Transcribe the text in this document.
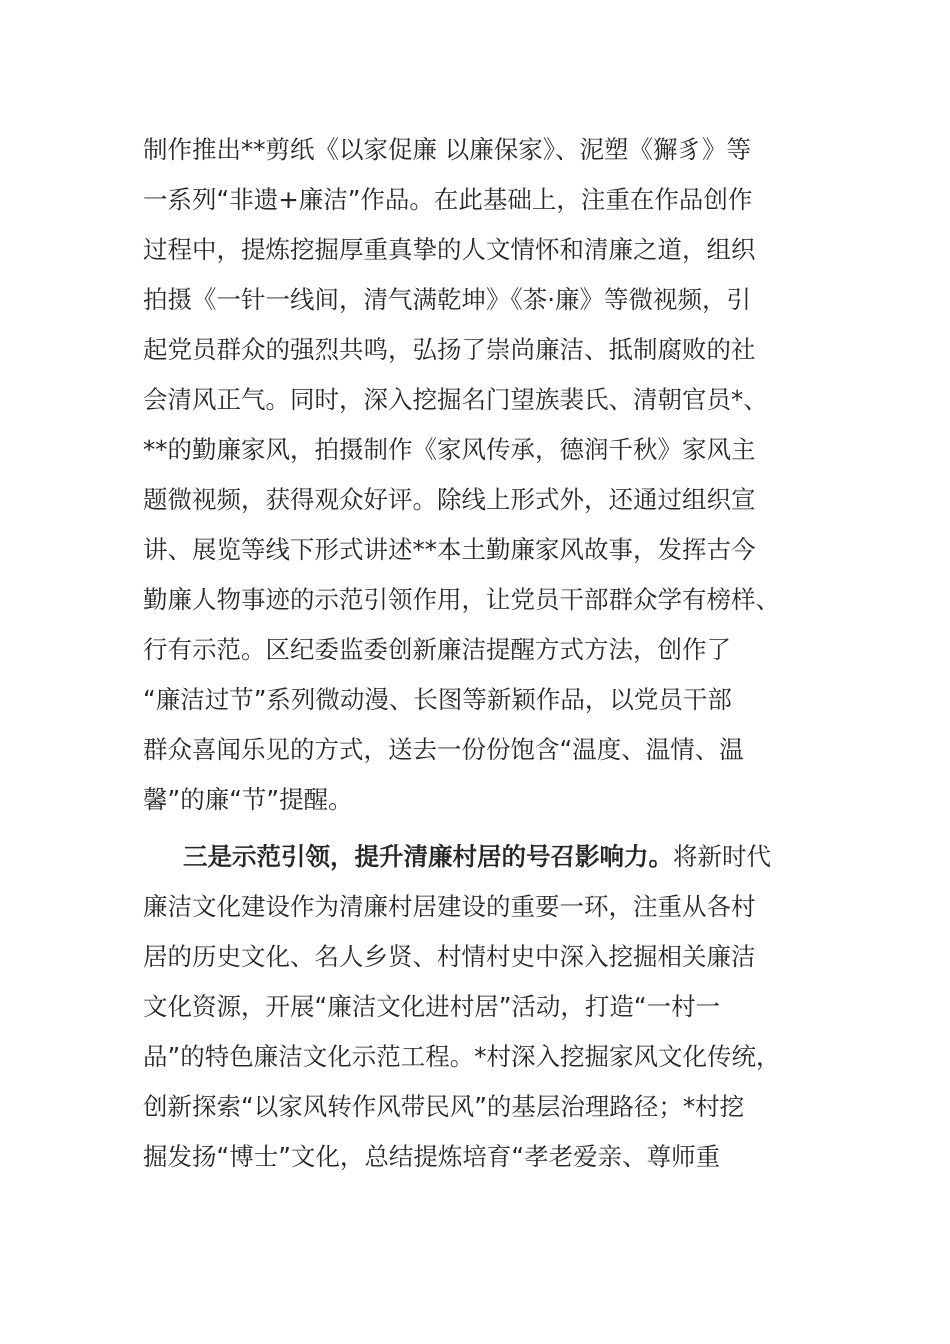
制作推出**剪纸《以家促廉 以廉保家》、泥塑《獬豸》等
一系列“非遗+廉洁”作品。在此基础上，注重在作品创作
过程中，提炼挖掘厚重真挚的人文情怀和清廉之道，组织
拍摄《一针一线间，清气满乾坤》《茶·廉》等微视频，引
起党员群众的强烈共鸣，弘扬了崇尚廉洁、抵制腐败的社
会清风正气。同时，深入挖掘名门望族裴氏、清朝官员*、
**的勤廉家风，拍摄制作《家风传承，德润千秋》家风主
题微视频，获得观众好评。除线上形式外，还通过组织宣
讲、展览等线下形式讲述**本土勤廉家风故事，发挥古今
勤廉人物事迹的示范引领作用，让党员干部群众学有榜样、
行有示范。区纪委监委创新廉洁提醒方式方法，创作了
“廉洁过节”系列微动漫、长图等新颖作品，以党员干部
群众喜闻乐见的方式，送去一份份饱含“温度、温情、温
馨”的廉“节”提醒。
三是示范引领，提升清廉村居的号召影响力。将新时代
廉洁文化建设作为清廉村居建设的重要一环，注重从各村
居的历史文化、名人乡贤、村情村史中深入挖掘相关廉洁
文化资源，开展“廉洁文化进村居”活动，打造“一村一
品”的特色廉洁文化示范工程。*村深入挖掘家风文化传统，
创新探索“以家风转作风带民风”的基层治理路径；*村挖
掘发扬“博士”文化，总结提炼培育“孝老爱亲、尊师重
